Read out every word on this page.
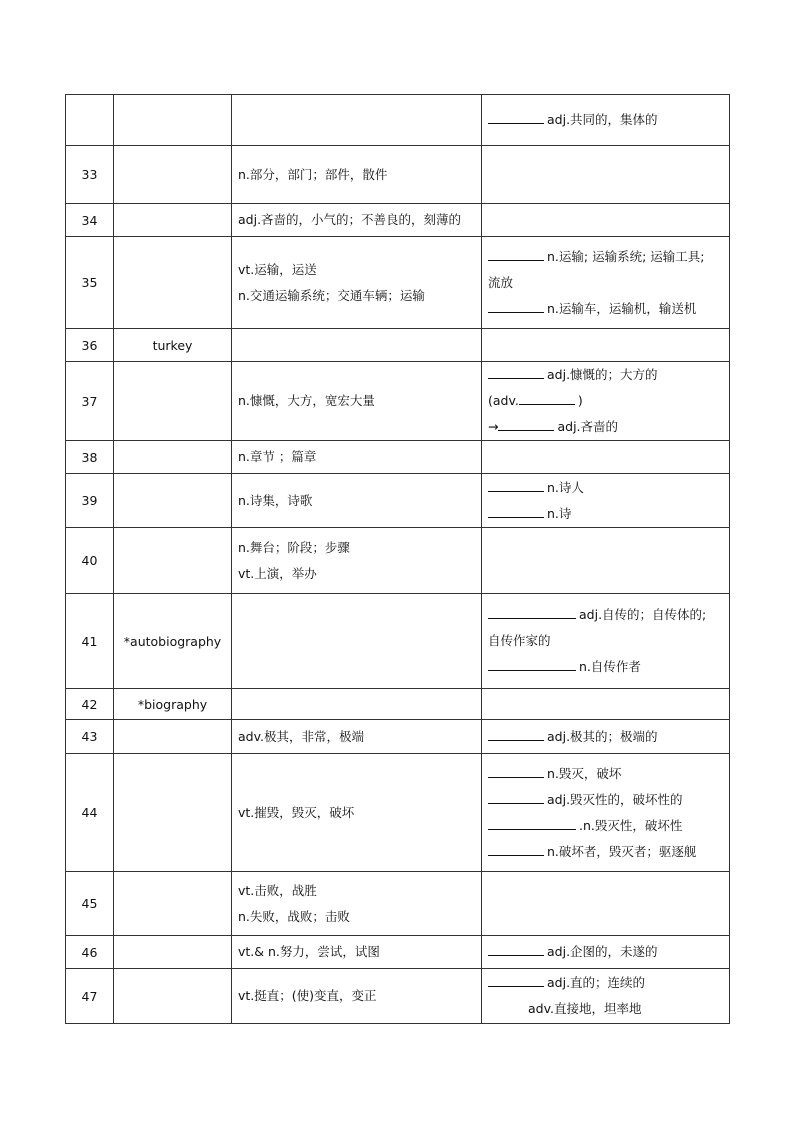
			adj.共同的，集体的

33		n.部分，部门；部件，散件	

34		adj.吝啬的，小气的；不善良的，刻薄的	

35		vt.运输，运送
n.交通运输系统；交通车辆；运输	n.运输; 运输系统; 运输工具;
流放
n.运输车，运输机，输送机

36	turkey		
37		n.慷慨，大方，宽宏大量	adj.慷慨的；大方的
(adv. )
→ adj.吝啬的

38		n.章节 ；篇章	

39		n.诗集，诗歌	n.诗人
n.诗

40		n.舞台；阶段；步骤
vt.上演，举办	

41	*autobiography		adj.自传的；自传体的;
自传作家的
n.自传作者

42	*biography		
43		adv.极其，非常，极端	adj.极其的；极端的

44		vt.摧毁，毁灭，破坏	n.毁灭，破坏
adj.毁灭性的，破坏性的
.n.毁灭性，破坏性
n.破坏者，毁灭者；驱逐舰

45		vt.击败，战胜
n.失败，战败；击败	

46		vt.& n.努力，尝试，试图	adj.企图的，未遂的

47		vt.挺直；(使)变直，变正	adj.直的；连续的
adv.直接地，坦率地
